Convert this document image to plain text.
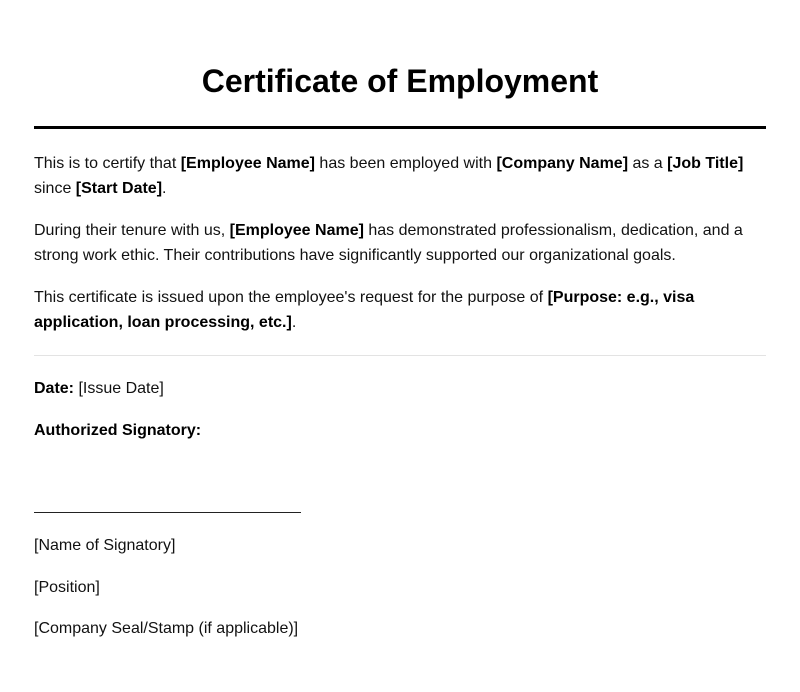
Certificate of Employment

This is to certify that [Employee Name] has been employed with [Company Name] as a [Job Title]
since [Start Date].

During their tenure with us, [Employee Name] has demonstrated professionalism, dedication, and a strong work ethic. Their contributions have significantly supported our organizational goals.

This certificate is issued upon the employee's request for the purpose of [Purpose: e.g., visa application, loan processing, etc.].

Date: [Issue Date]

Authorized Signatory:

[Name of Signatory]

[Position]

[Company Seal/Stamp (if applicable)]
